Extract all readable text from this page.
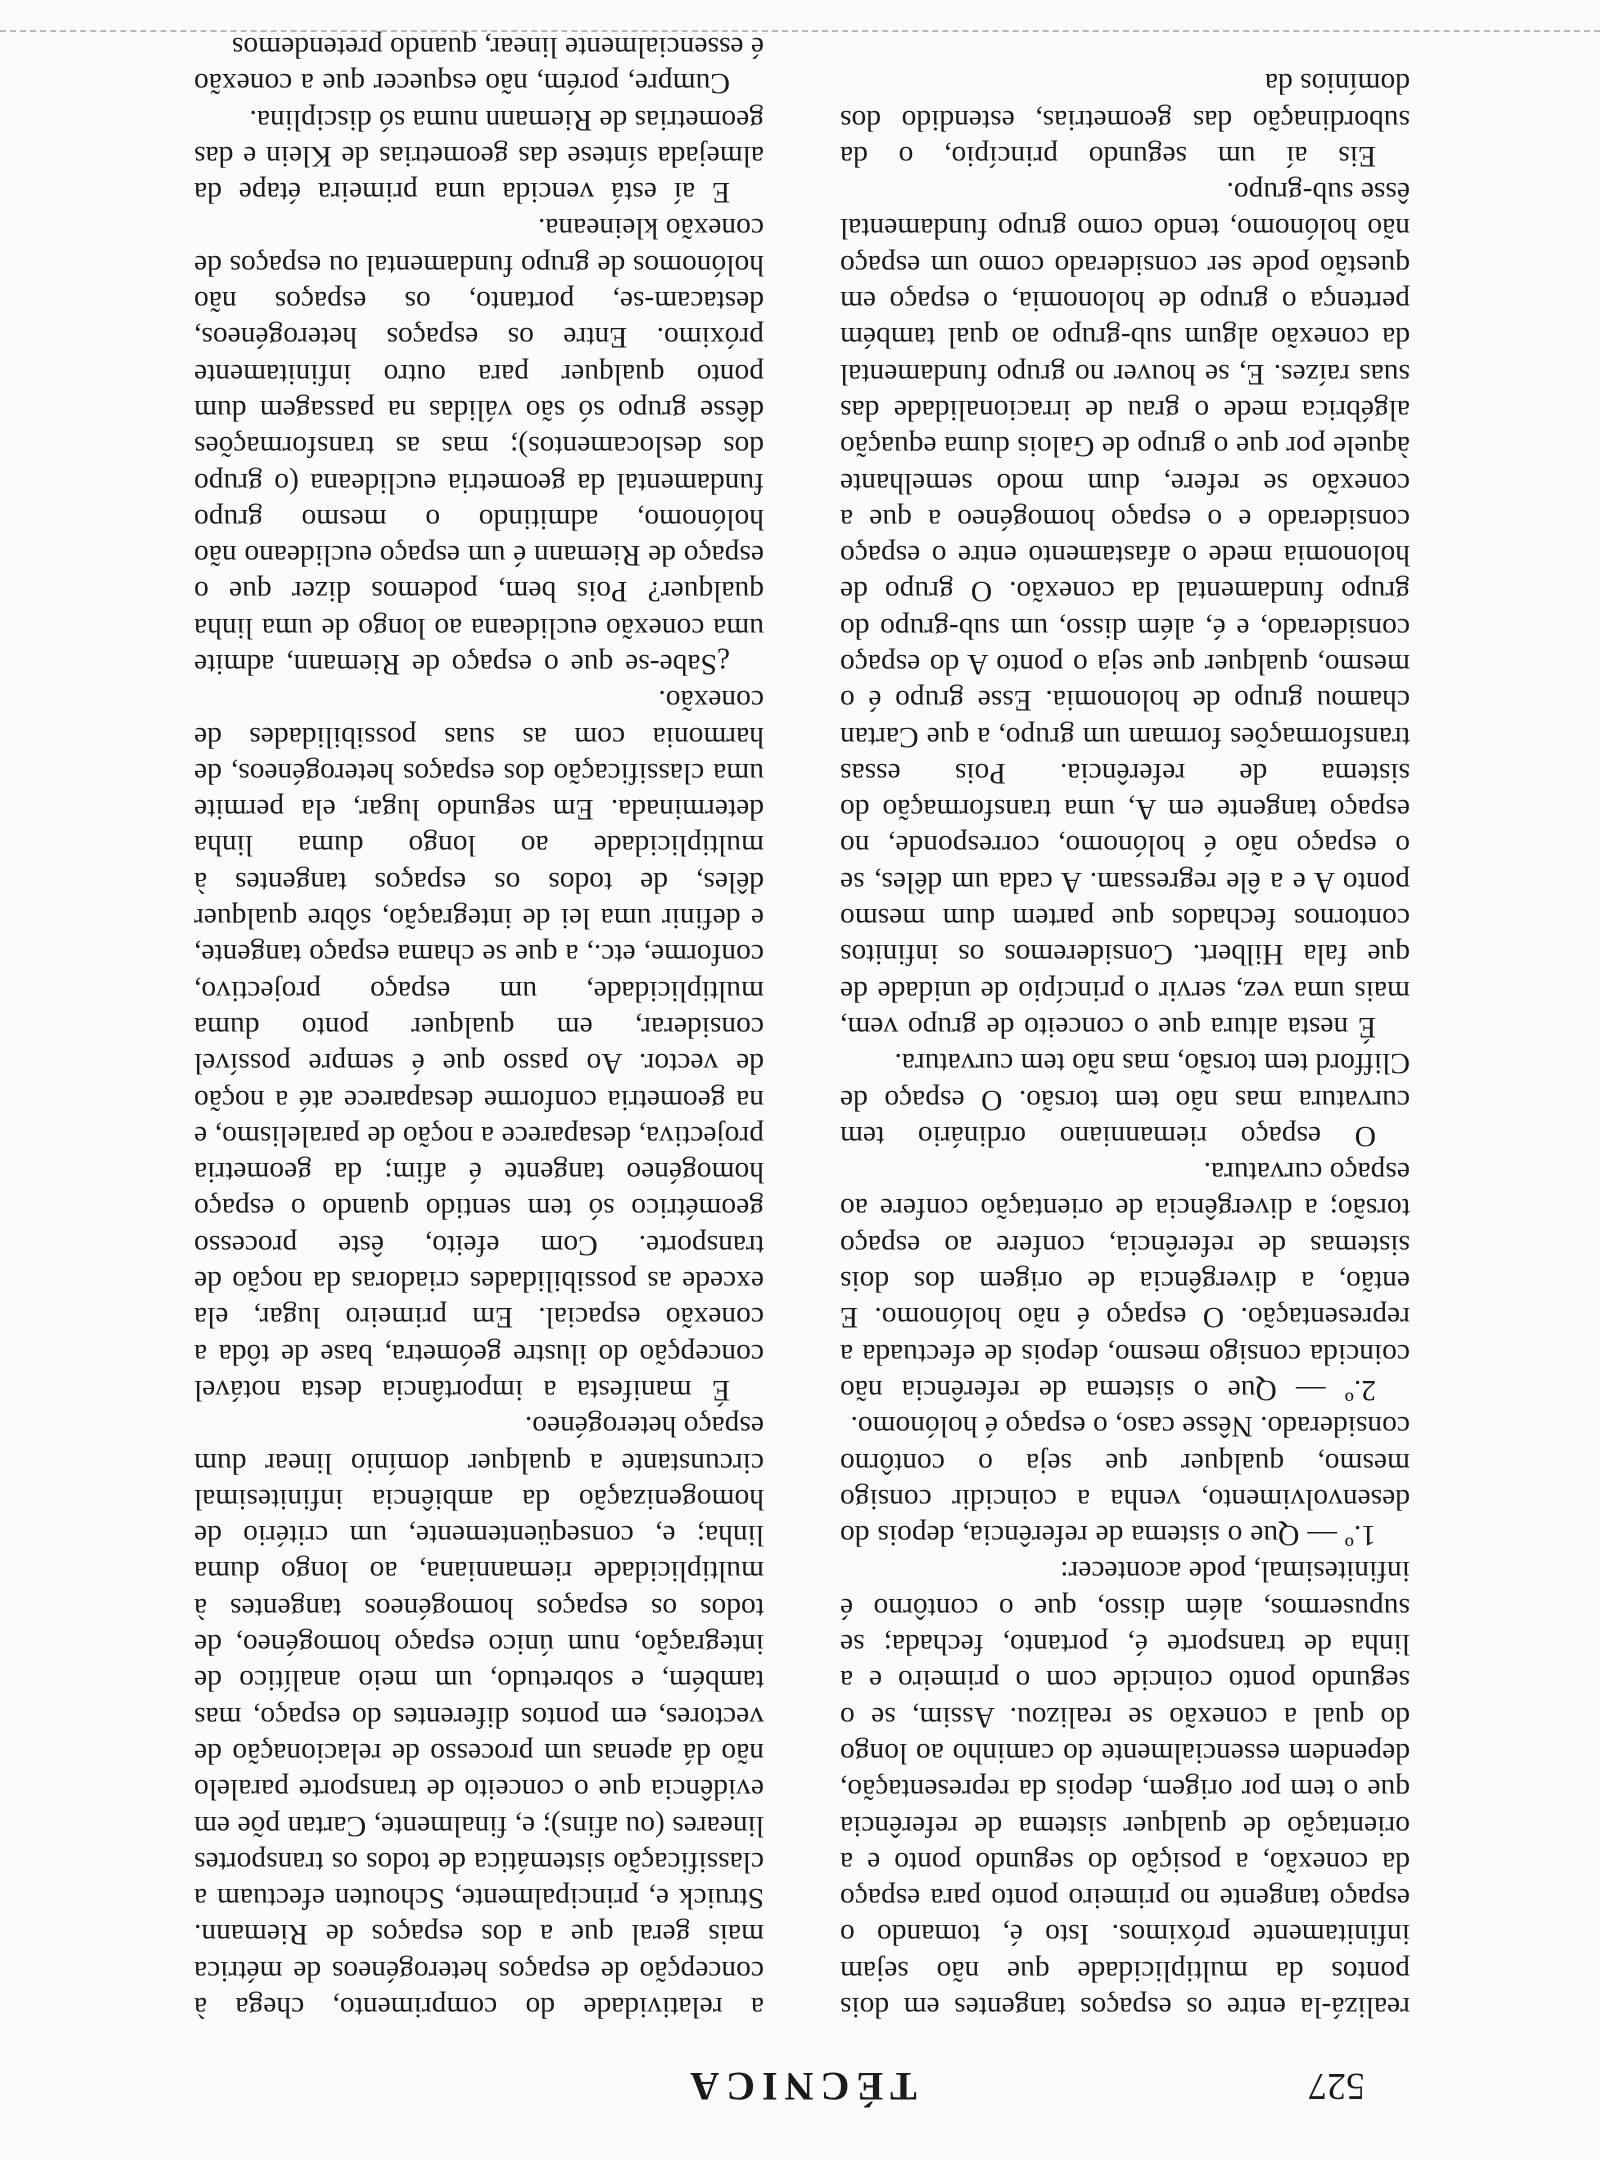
TÉCNICA	527

realizá-la entre os espaços tangentes em dois pontos da multiplicidade que não sejam infinitamente próximos. Isto é, tomando o espaço tangente no primeiro ponto para espaço da conexão, a posição do segundo ponto e a orientação de qualquer sistema de referência que o tem por origem, depois da representação, dependem essencialmente do caminho ao longo do qual a conexão se realizou. Assim, se o segundo ponto coincide com o primeiro e a linha de transporte é, portanto, fechada; se supusermos, além disso, que o contôrno é infinitesimal, pode acontecer:

1.º — Que o sistema de referência, depois do desenvolvimento, venha a coincidir consigo mesmo, qualquer que seja o contôrno considerado. Nêsse caso, o espaço é holónomo.

2.º — Que o sistema de referência não coincida consigo mesmo, depois de efectuada a representação. O espaço é não holónomo. E então, a divergência de origem dos dois sistemas de referência, confere ao espaço torsão; a divergência de orientação confere ao espaço curvatura.

O espaço riemanniano ordinário tem curvatura mas não tem torsão. O espaço de Clifford tem torsão, mas não tem curvatura.

É nesta altura que o conceito de grupo vem, mais uma vez, servir o princípio de unidade de que fala Hilbert. Consideremos os infinitos contornos fechados que partem dum mesmo ponto A e a êle regressam. A cada um dêles, se o espaço não é holónomo, corresponde, no espaço tangente em A, uma transformação do sistema de referência. Pois essas transformações formam um grupo, a que Cartan chamou grupo de holonomia. Esse grupo é o mesmo, qualquer que seja o ponto A do espaço considerado, e é, além disso, um sub-grupo do grupo fundamental da conexão. O grupo de holonomia mede o afastamento entre o espaço considerado e o espaço homogéneo a que a conexão se refere, dum modo semelhante àquele por que o grupo de Galois duma equação algébrica mede o grau de irracionalidade das suas raízes. E, se houver no grupo fundamental da conexão algum sub-grupo ao qual também pertença o grupo de holonomia, o espaço em questão pode ser considerado como um espaço não holónomo, tendo como grupo fundamental êsse sub-grupo.

Eis aí um segundo princípio, o da subordinação das geometrias, estendido dos domínios da

a relatividade do comprimento, chega à concepção de espaços heterogéneos de métrica mais geral que a dos espaços de Riemann. Struick e, principalmente, Schouten efectuam a classificação sistemática de todos os transportes lineares (ou afins); e, finalmente, Cartan põe em evidência que o conceito de transporte paralelo não dá apenas um processo de relacionação de vectores, em pontos diferentes do espaço, mas também, e sobretudo, um meio analítico de integração, num único espaço homogéneo, de todos os espaços homogéneos tangentes à multiplicidade riemanniana, ao longo duma linha; e, conseqüentemente, um critério de homogenização da ambiência infinitesimal circunstante a qualquer domínio linear dum espaço heterogéneo.

É manifesta a importância desta notável concepção do ilustre geómetra, base de tôda a conexão espacial. Em primeiro lugar, ela excede as possibilidades criadoras da noção de transporte. Com efeito, êste processo geométrico só tem sentido quando o espaço homogéneo tangente é afim; da geometria projectiva, desaparece a noção de paralelismo, e na geometria conforme desaparece até a noção de vector. Ao passo que é sempre possível considerar, em qualquer ponto duma multiplicidade, um espaço projectivo, conforme, etc., a que se chama espaço tangente, e definir uma lei de integração, sôbre qualquer dêles, de todos os espaços tangentes à multiplicidade ao longo duma linha determinada. Em segundo lugar, ela permite uma classificação dos espaços heterogéneos, de harmonia com as suas possibilidades de conexão.

¿Sabe-se que o espaço de Riemann, admite uma conexão euclideana ao longo de uma linha qualquer? Pois bem, podemos dizer que o espaço de Riemann é um espaço euclideano não holónomo, admitindo o mesmo grupo fundamental da geometria euclideana (o grupo dos deslocamentos); mas as transformações dêsse grupo só são válidas na passagem dum ponto qualquer para outro infinitamente próximo. Entre os espaços heterogéneos, destacam-se, portanto, os espaços não holónomos de grupo fundamental ou espaços de conexão kleineana.

E aí está vencida uma primeira étape da almejada síntese das geometrias de Klein e das geometrias de Riemann numa só disciplina.

Cumpre, porém, não esquecer que a conexão é essencialmente linear, quando pretendemos
